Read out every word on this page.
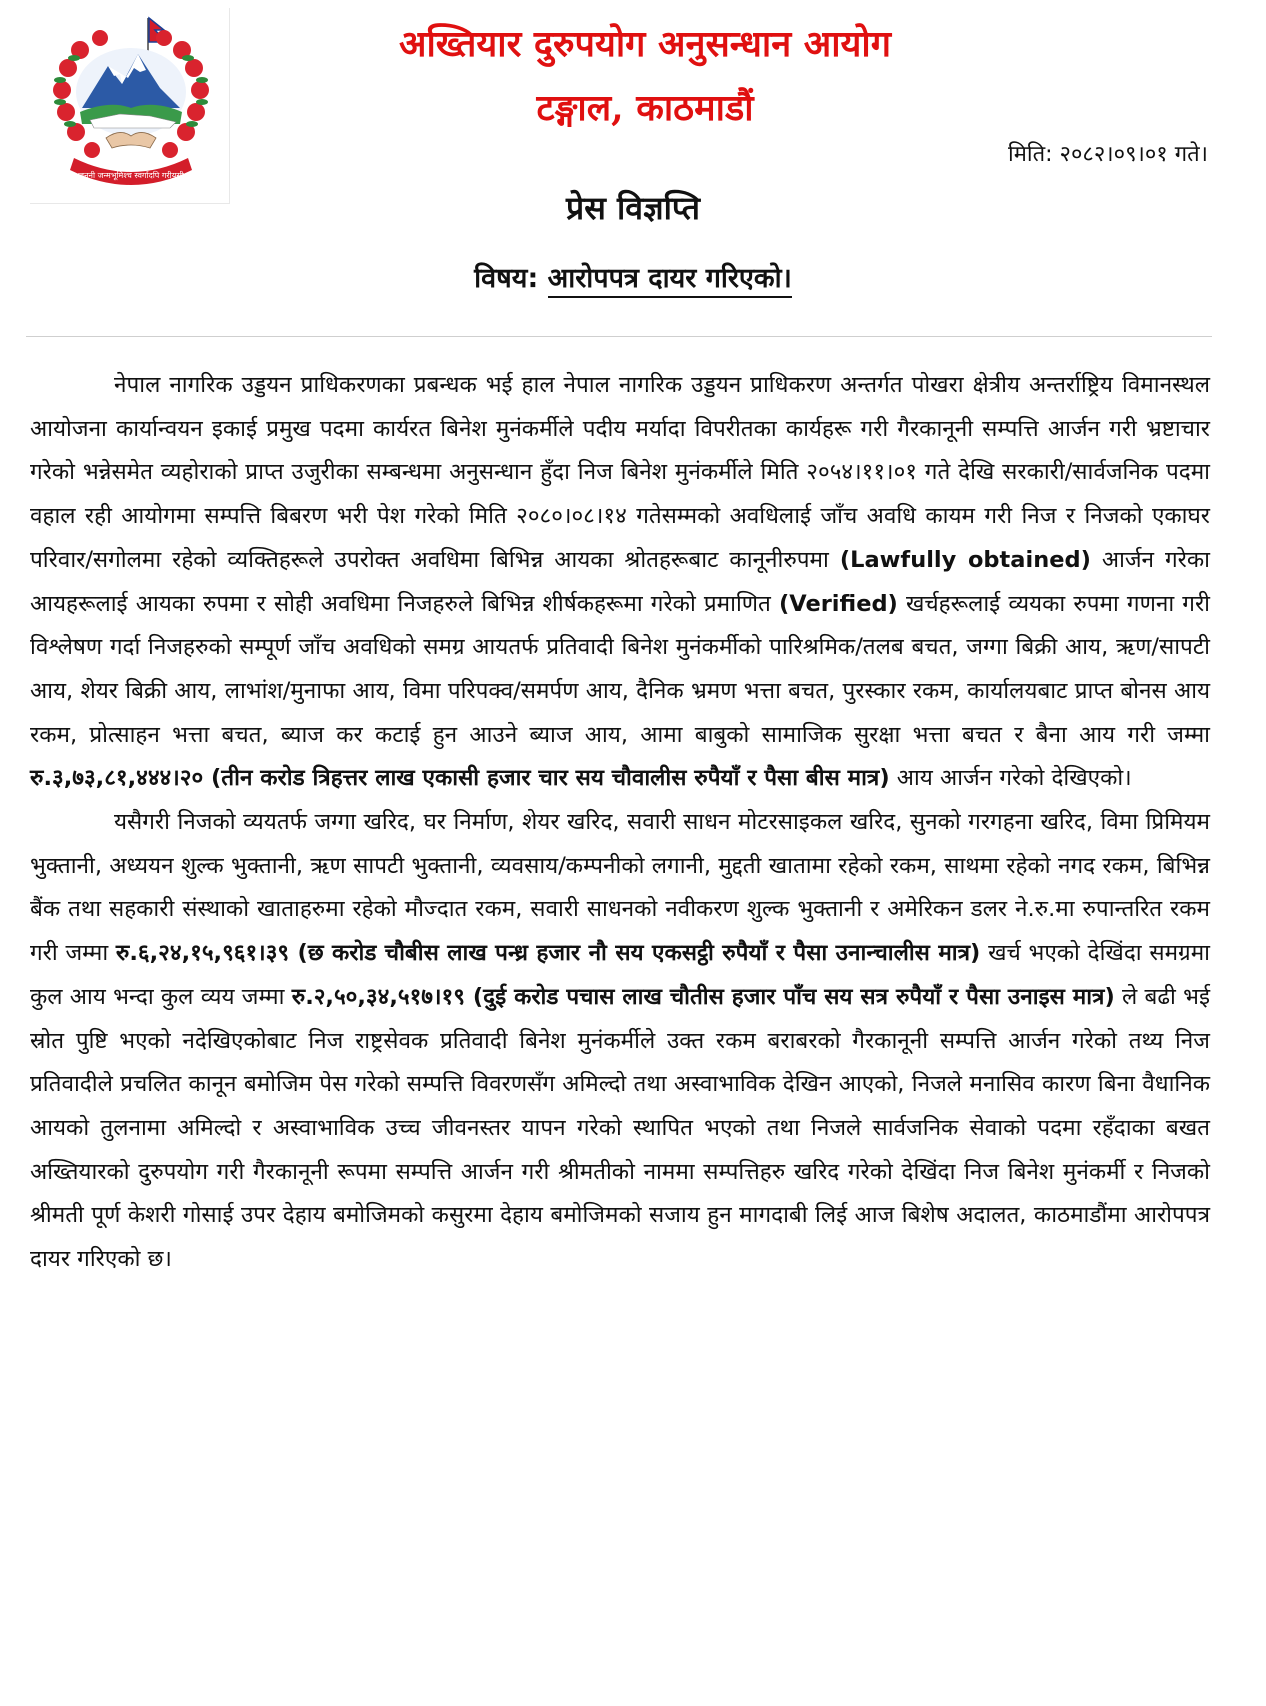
जननी जन्मभूमिश्च स्वर्गादपि गरीयसी
अख्तियार दुरुपयोग अनुसन्धान आयोग
टङ्गाल, काठमाडौं
मिति: २०८२।०९।०१ गते।
प्रेस विज्ञप्ति
विषय: आरोपपत्र दायर गरिएको।

नेपाल नागरिक उड्डयन प्राधिकरणका प्रबन्धक भई हाल नेपाल नागरिक उड्डयन प्राधिकरण अन्तर्गत पोखरा क्षेत्रीय अन्तर्राष्ट्रिय विमानस्थल आयोजना कार्यान्वयन इकाई प्रमुख पदमा कार्यरत बिनेश मुनंकर्मीले पदीय मर्यादा विपरीतका कार्यहरू गरी गैरकानूनी सम्पत्ति आर्जन गरी भ्रष्टाचार गरेको भन्नेसमेत व्यहोराको प्राप्त उजुरीका सम्बन्धमा अनुसन्धान हुँदा निज बिनेश मुनंकर्मीले मिति २०५४।११।०१ गते देखि सरकारी/सार्वजनिक पदमा वहाल रही आयोगमा सम्पत्ति बिबरण भरी पेश गरेको मिति २०८०।०८।१४ गतेसम्मको अवधिलाई जाँच अवधि कायम गरी निज र निजको एकाघर परिवार/सगोलमा रहेको व्यक्तिहरूले उपरोक्त अवधिमा बिभिन्न आयका श्रोतहरूबाट कानूनीरुपमा (Lawfully obtained) आर्जन गरेका आयहरूलाई आयका रुपमा र सोही अवधिमा निजहरुले बिभिन्न शीर्षकहरूमा गरेको प्रमाणित (Verified) खर्चहरूलाई व्ययका रुपमा गणना गरी विश्लेषण गर्दा निजहरुको सम्पूर्ण जाँच अवधिको समग्र आयतर्फ प्रतिवादी बिनेश मुनंकर्मीको पारिश्रमिक/तलब बचत, जग्गा बिक्री आय, ऋण/सापटी आय, शेयर बिक्री आय, लाभांश/मुनाफा आय, विमा परिपक्व/समर्पण आय, दैनिक भ्रमण भत्ता बचत, पुरस्कार रकम, कार्यालयबाट प्राप्त बोनस आय रकम, प्रोत्साहन भत्ता बचत, ब्याज कर कटाई हुन आउने ब्याज आय, आमा बाबुको सामाजिक सुरक्षा भत्ता बचत र बैना आय गरी जम्मा रु.३,७३,८१,४४४।२० (तीन करोड त्रिहत्तर लाख एकासी हजार चार सय चौवालीस रुपैयाँ र पैसा बीस मात्र) आय आर्जन गरेको देखिएको।

यसैगरी निजको व्ययतर्फ जग्गा खरिद, घर निर्माण, शेयर खरिद, सवारी साधन मोटरसाइकल खरिद, सुनको गरगहना खरिद, विमा प्रिमियम भुक्तानी, अध्ययन शुल्क भुक्तानी, ऋण सापटी भुक्तानी, व्यवसाय/कम्पनीको लगानी, मुद्दती खातामा रहेको रकम, साथमा रहेको नगद रकम, बिभिन्न बैंक तथा सहकारी संस्थाको खाताहरुमा रहेको मौज्दात रकम, सवारी साधनको नवीकरण शुल्क भुक्तानी र अमेरिकन डलर ने.रु.मा रुपान्तरित रकम गरी जम्मा रु.६,२४,१५,९६१।३९ (छ करोड चौबीस लाख पन्ध्र हजार नौ सय एकसट्ठी रुपैयाँ र पैसा उनान्चालीस मात्र) खर्च भएको देखिंदा समग्रमा कुल आय भन्दा कुल व्यय जम्मा रु.२,५०,३४,५१७।१९ (दुई करोड पचास लाख चौतीस हजार पाँच सय सत्र रुपैयाँ र पैसा उनाइस मात्र) ले बढी भई स्रोत पुष्टि भएको नदेखिएकोबाट निज राष्ट्रसेवक प्रतिवादी बिनेश मुनंकर्मीले उक्त रकम बराबरको गैरकानूनी सम्पत्ति आर्जन गरेको तथ्य निज प्रतिवादीले प्रचलित कानून बमोजिम पेस गरेको सम्पत्ति विवरणसँग अमिल्दो तथा अस्वाभाविक देखिन आएको, निजले मनासिव कारण बिना वैधानिक आयको तुलनामा अमिल्दो र अस्वाभाविक उच्च जीवनस्तर यापन गरेको स्थापित भएको तथा निजले सार्वजनिक सेवाको पदमा रहँदाका बखत अख्तियारको दुरुपयोग गरी गैरकानूनी रूपमा सम्पत्ति आर्जन गरी श्रीमतीको नाममा सम्पत्तिहरु खरिद गरेको देखिंदा निज बिनेश मुनंकर्मी र निजको श्रीमती पूर्ण केशरी गोसाई उपर देहाय बमोजिमको कसुरमा देहाय बमोजिमको सजाय हुन मागदाबी लिई आज बिशेष अदालत, काठमाडौंमा आरोपपत्र दायर गरिएको छ।
